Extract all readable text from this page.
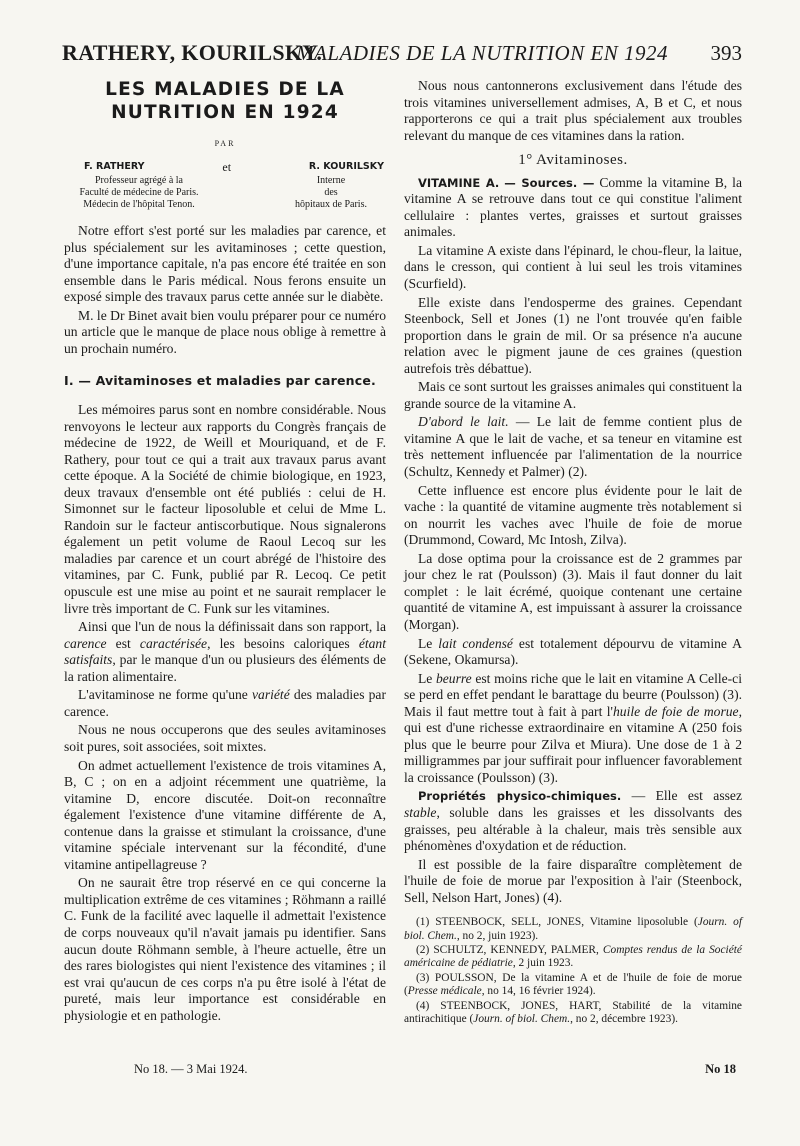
RATHERY, KOURILSKY.
MALADIES DE LA NUTRITION EN 1924 393
LES MALADIES DE LA
NUTRITION EN 1924
PAR
F. RATHERY	et	R. KOURILSKY
Professeur agrégé à la
Faculté de médecine de Paris.
Médecin de l'hôpital Tenon.
Interne
des
hôpitaux de Paris.

Notre effort s'est porté sur les maladies par carence, et plus spécialement sur les avitaminoses ; cette question, d'une importance capitale, n'a pas encore été traitée en son ensemble dans le Paris médical. Nous ferons ensuite un exposé simple des travaux parus cette année sur le diabète.

M. le Dr Binet avait bien voulu préparer pour ce numéro un article que le manque de place nous oblige à remettre à un prochain numéro.

I. — Avitaminoses et maladies par carence.

Les mémoires parus sont en nombre considérable. Nous renvoyons le lecteur aux rapports du Congrès français de médecine de 1922, de Weill et Mouriquand, et de F. Rathery, pour tout ce qui a trait aux travaux parus avant cette époque. A la Société de chimie biologique, en 1923, deux travaux d'ensemble ont été publiés : celui de H. Simonnet sur le facteur liposoluble et celui de Mme L. Randoin sur le facteur antiscorbutique. Nous signalerons également un petit volume de Raoul Lecoq sur les maladies par carence et un court abrégé de l'histoire des vitamines, par C. Funk, publié par R. Lecoq. Ce petit opuscule est une mise au point et ne saurait remplacer le livre très important de C. Funk sur les vitamines.

Ainsi que l'un de nous la définissait dans son rapport, la carence est caractérisée, les besoins caloriques étant satisfaits, par le manque d'un ou plusieurs des éléments de la ration alimentaire.

L'avitaminose ne forme qu'une variété des maladies par carence.

Nous ne nous occuperons que des seules avitaminoses soit pures, soit associées, soit mixtes.

On admet actuellement l'existence de trois vitamines A, B, C ; on en a adjoint récemment une quatrième, la vitamine D, encore discutée. Doit-on reconnaître également l'existence d'une vitamine différente de A, contenue dans la graisse et stimulant la croissance, d'une vitamine spéciale intervenant sur la fécondité, d'une vitamine antipellagreuse ?

On ne saurait être trop réservé en ce qui concerne la multiplication extrême de ces vitamines ; Röhmann a raillé C. Funk de la facilité avec laquelle il admettait l'existence de corps nouveaux qu'il n'avait jamais pu identifier. Sans aucun doute Röhmann semble, à l'heure actuelle, être un des rares biologistes qui nient l'existence des vitamines ; il est vrai qu'aucun de ces corps n'a pu être isolé à l'état de pureté, mais leur importance est considérable en physiologie et en pathologie.

Nous nous cantonnerons exclusivement dans l'étude des trois vitamines universellement admises, A, B et C, et nous rapporterons ce qui a trait plus spécialement aux troubles relevant du manque de ces vitamines dans la ration.

1° Avitaminoses.

VITAMINE A. — Sources. — Comme la vitamine B, la vitamine A se retrouve dans tout ce qui constitue l'aliment cellulaire : plantes vertes, graisses et surtout graisses animales.

La vitamine A existe dans l'épinard, le chou-fleur, la laitue, dans le cresson, qui contient à lui seul les trois vitamines (Scurfield).

Elle existe dans l'endosperme des graines. Cependant Steenbock, Sell et Jones (1) ne l'ont trouvée qu'en faible proportion dans le grain de mil. Or sa présence n'a aucune relation avec le pigment jaune de ces graines (question autrefois très débattue).

Mais ce sont surtout les graisses animales qui constituent la grande source de la vitamine A.

D'abord le lait. — Le lait de femme contient plus de vitamine A que le lait de vache, et sa teneur en vitamine est très nettement influencée par l'alimentation de la nourrice (Schultz, Kennedy et Palmer) (2).

Cette influence est encore plus évidente pour le lait de vache : la quantité de vitamine augmente très notablement si on nourrit les vaches avec l'huile de foie de morue (Drummond, Coward, Mc Intosh, Zilva).

La dose optima pour la croissance est de 2 grammes par jour chez le rat (Poulsson) (3). Mais il faut donner du lait complet : le lait écrémé, quoique contenant une certaine quantité de vitamine A, est impuissant à assurer la croissance (Morgan).

Le lait condensé est totalement dépourvu de vitamine A (Sekene, Okamursa).

Le beurre est moins riche que le lait en vitamine A Celle-ci se perd en effet pendant le barattage du beurre (Poulsson) (3). Mais il faut mettre tout à fait à part l'huile de foie de morue, qui est d'une richesse extraordinaire en vitamine A (250 fois plus que le beurre pour Zilva et Miura). Une dose de 1 à 2 milligrammes par jour suffirait pour influencer favorablement la croissance (Poulsson) (3).

Propriétés physico-chimiques. — Elle est assez stable, soluble dans les graisses et les dissolvants des graisses, peu altérable à la chaleur, mais très sensible aux phénomènes d'oxydation et de réduction.

Il est possible de la faire disparaître complètement de l'huile de foie de morue par l'exposition à l'air (Steenbock, Sell, Nelson Hart, Jones) (4).

(1) STEENBOCK, SELL, JONES, Vitamine liposoluble (Journ. of biol. Chem., no 2, juin 1923).
(2) SCHULTZ, KENNEDY, PALMER, Comptes rendus de la Société américaine de pédiatrie, 2 juin 1923.
(3) POULSSON, De la vitamine A et de l'huile de foie de morue (Presse médicale, no 14, 16 février 1924).
(4) STEENBOCK, JONES, HART, Stabilité de la vitamine antirachitique (Journ. of biol. Chem., no 2, décembre 1923).
No 18. — 3 Mai 1924.	No 18
